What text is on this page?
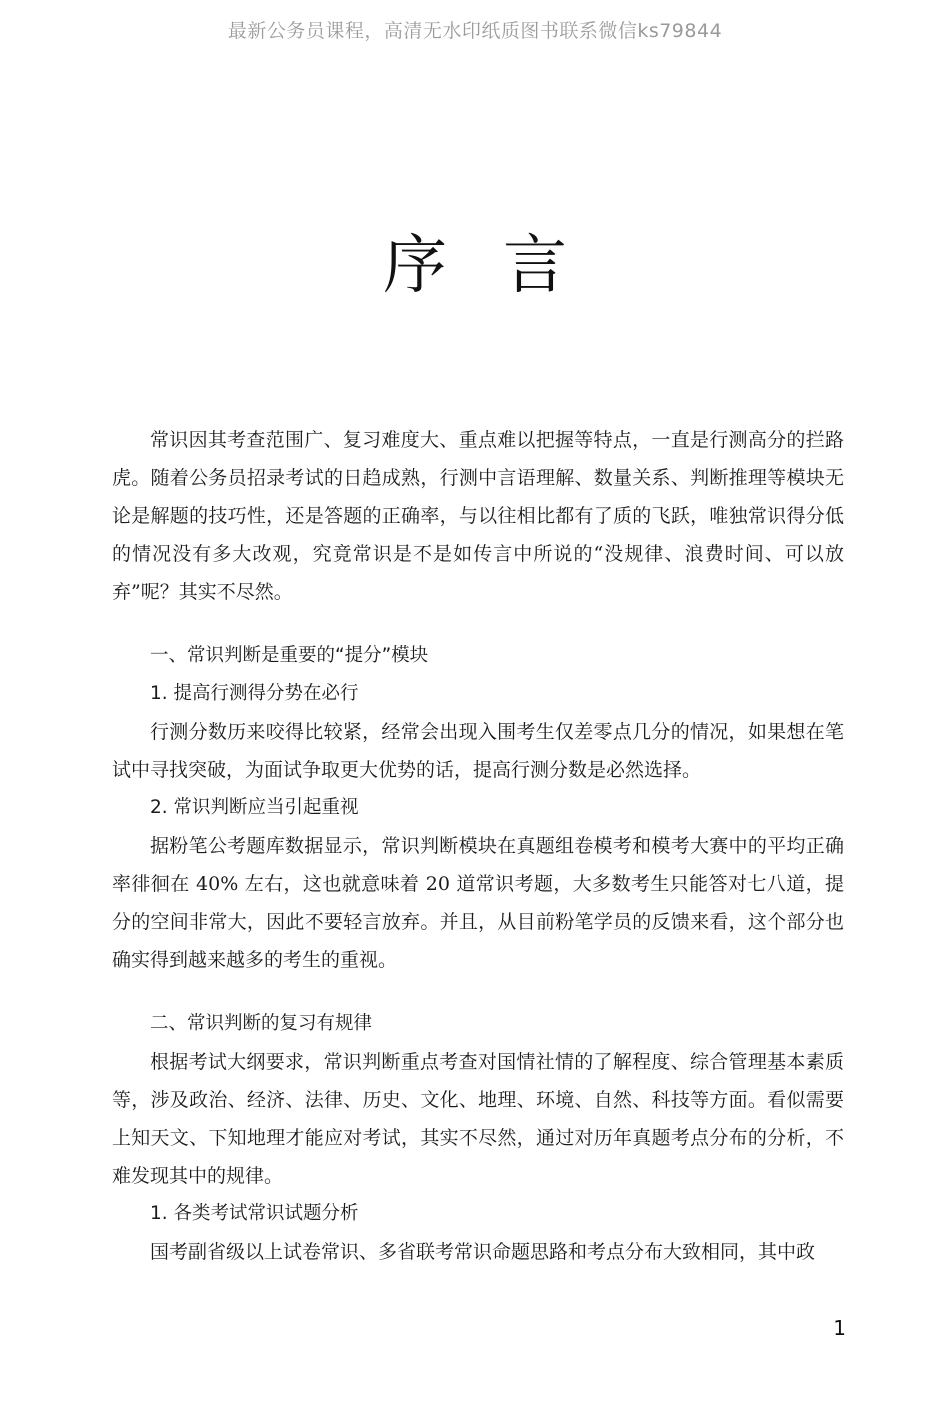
最新公务员课程，高清无水印纸质图书联系微信ks79844
序言

常识因其考查范围广、复习难度大、重点难以把握等特点，一直是行测高分的拦路虎。随着公务员招录考试的日趋成熟，行测中言语理解、数量关系、判断推理等模块无论是解题的技巧性，还是答题的正确率，与以往相比都有了质的飞跃，唯独常识得分低的情况没有多大改观，究竟常识是不是如传言中所说的“没规律、浪费时间、可以放弃”呢？其实不尽然。

一、常识判断是重要的“提分”模块

1. 提高行测得分势在必行

行测分数历来咬得比较紧，经常会出现入围考生仅差零点几分的情况，如果想在笔试中寻找突破，为面试争取更大优势的话，提高行测分数是必然选择。

2. 常识判断应当引起重视

据粉笔公考题库数据显示，常识判断模块在真题组卷模考和模考大赛中的平均正确率徘徊在 40% 左右，这也就意味着 20 道常识考题，大多数考生只能答对七八道，提分的空间非常大，因此不要轻言放弃。并且，从目前粉笔学员的反馈来看，这个部分也确实得到越来越多的考生的重视。

二、常识判断的复习有规律

根据考试大纲要求，常识判断重点考查对国情社情的了解程度、综合管理基本素质等，涉及政治、经济、法律、历史、文化、地理、环境、自然、科技等方面。看似需要上知天文、下知地理才能应对考试，其实不尽然，通过对历年真题考点分布的分析，不难发现其中的规律。

1. 各类考试常识试题分析

国考副省级以上试卷常识、多省联考常识命题思路和考点分布大致相同，其中政

1
